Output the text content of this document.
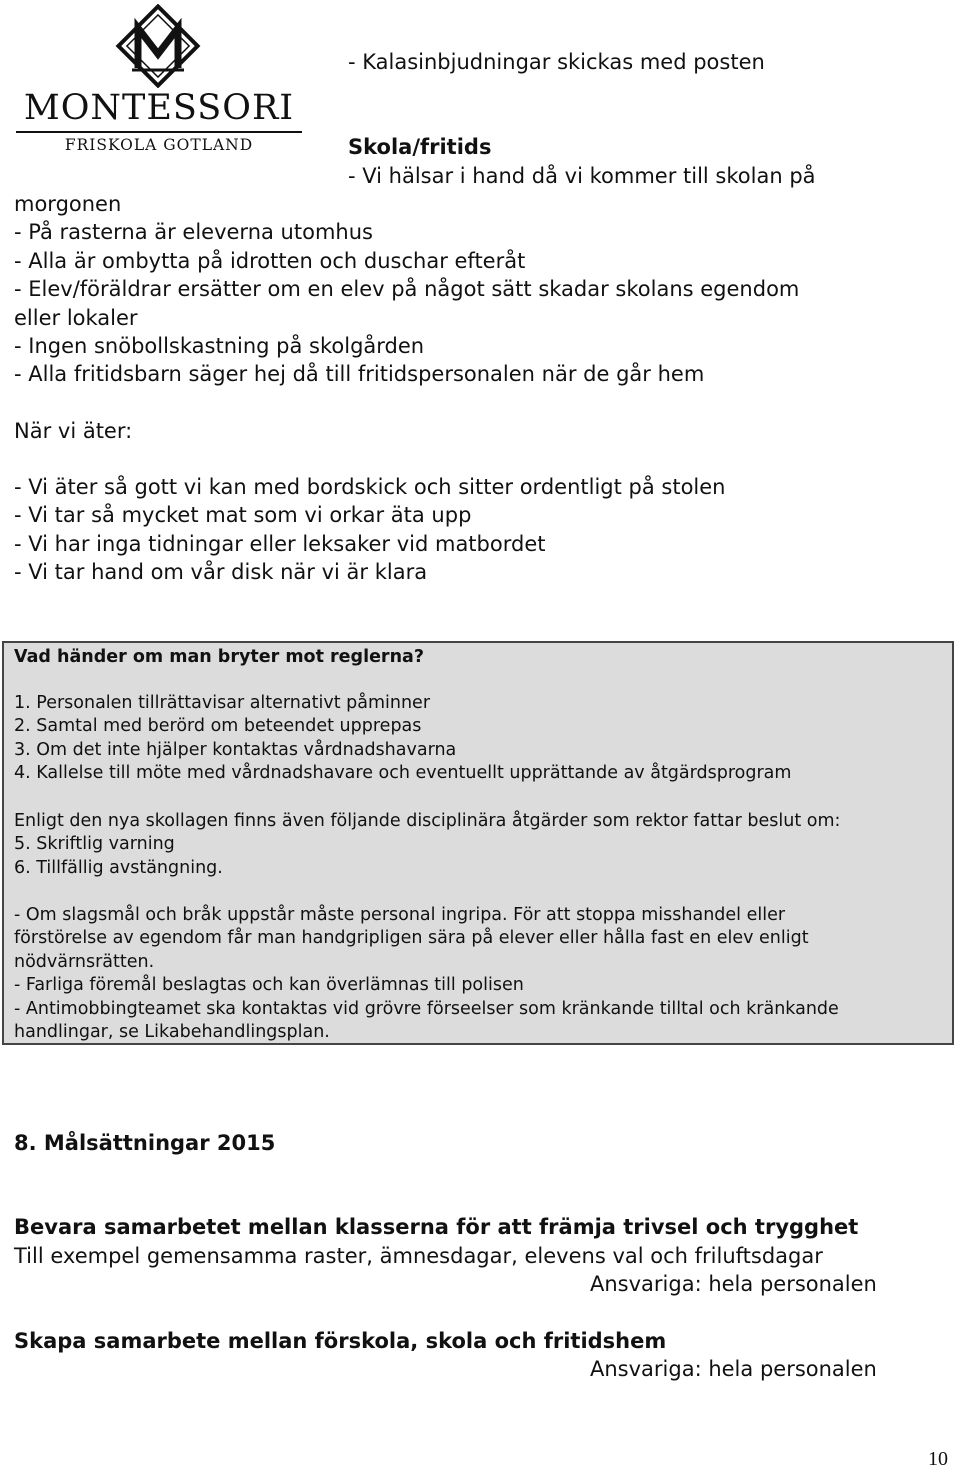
MONTESSORI
FRISKOLA GOTLAND
- Kalasinbjudningar skickas med posten
Skola/fritids
- Vi hälsar i hand då vi kommer till skolan på
morgonen
- På rasterna är eleverna utomhus
- Alla är ombytta på idrotten och duschar efteråt
- Elev/föräldrar ersätter om en elev på något sätt skadar skolans egendom
eller lokaler
- Ingen snöbollskastning på skolgården
- Alla fritidsbarn säger hej då till fritidspersonalen när de går hem
När vi äter:
- Vi äter så gott vi kan med bordskick och sitter ordentligt på stolen
- Vi tar så mycket mat som vi orkar äta upp
- Vi har inga tidningar eller leksaker vid matbordet
- Vi tar hand om vår disk när vi är klara
Vad händer om man bryter mot reglerna?
1. Personalen tillrättavisar alternativt påminner
2. Samtal med berörd om beteendet upprepas
3. Om det inte hjälper kontaktas vårdnadshavarna
4. Kallelse till möte med vårdnadshavare och eventuellt upprättande av åtgärdsprogram
Enligt den nya skollagen finns även följande disciplinära åtgärder som rektor fattar beslut om:
5. Skriftlig varning
6. Tillfällig avstängning.
- Om slagsmål och bråk uppstår måste personal ingripa. För att stoppa misshandel eller
förstörelse av egendom får man handgripligen sära på elever eller hålla fast en elev enligt
nödvärnsrätten.
- Farliga föremål beslagtas och kan överlämnas till polisen
- Antimobbingteamet ska kontaktas vid grövre förseelser som kränkande tilltal och kränkande
handlingar, se Likabehandlingsplan.
8. Målsättningar 2015
Bevara samarbetet mellan klasserna för att främja trivsel och trygghet
Till exempel gemensamma raster, ämnesdagar, elevens val och friluftsdagar
Ansvariga: hela personalen
Skapa samarbete mellan förskola, skola och fritidshem
Ansvariga: hela personalen
10
